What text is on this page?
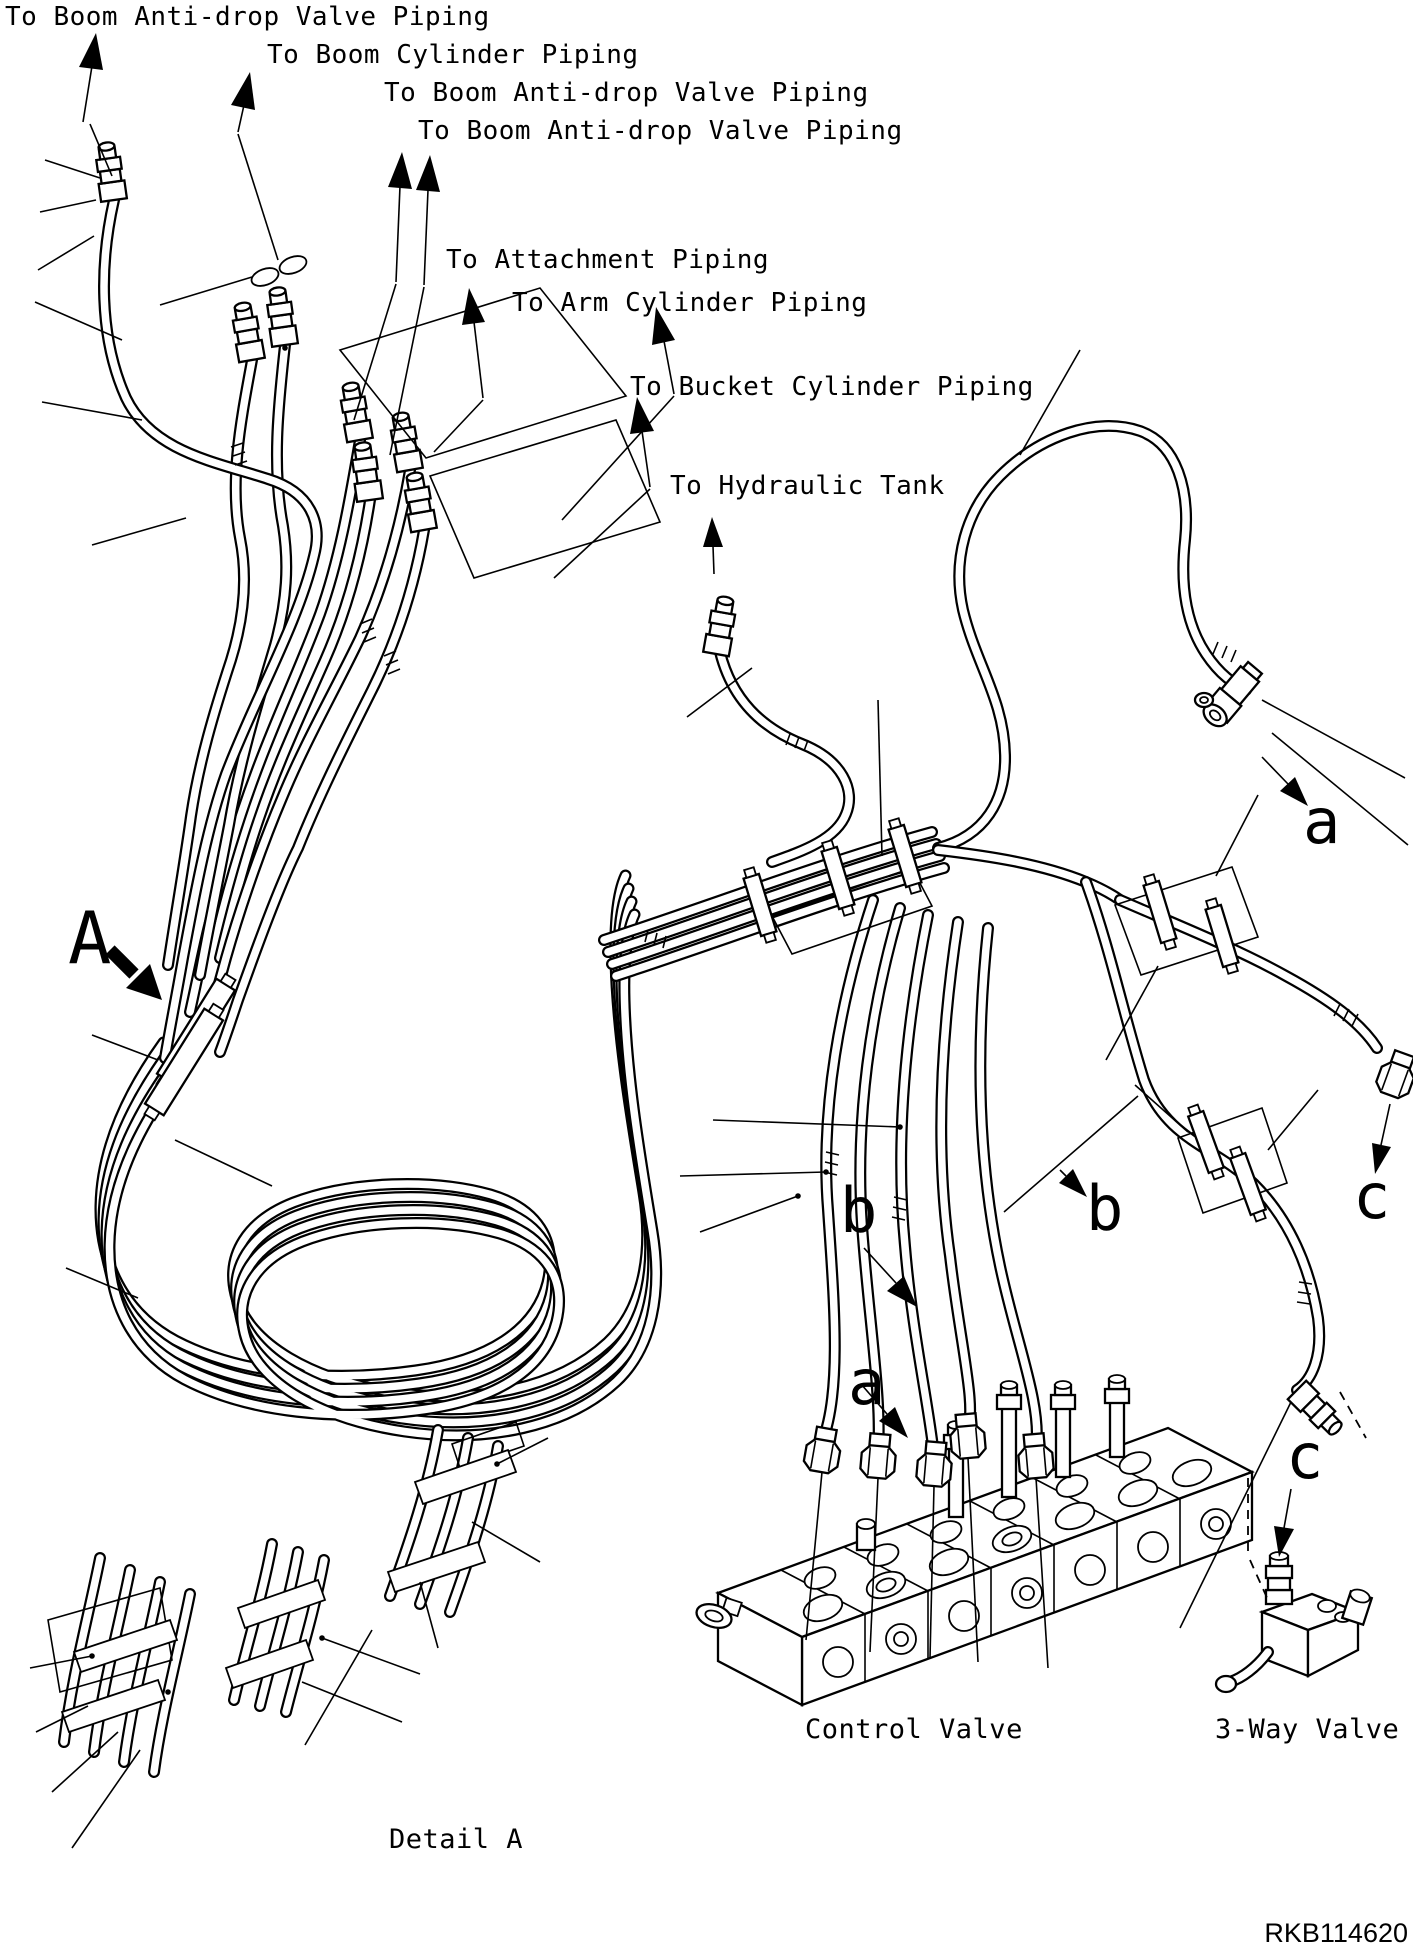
To Boom Anti-drop Valve Piping
To Boom Cylinder Piping
To Boom Anti-drop Valve Piping
To Boom Anti-drop Valve Piping
To Attachment Piping
To Arm Cylinder Piping
To Bucket Cylinder Piping
To Hydraulic Tank
A
a
b	b
a
c
c
Control Valve	3-Way Valve
Detail A
RKB114620
